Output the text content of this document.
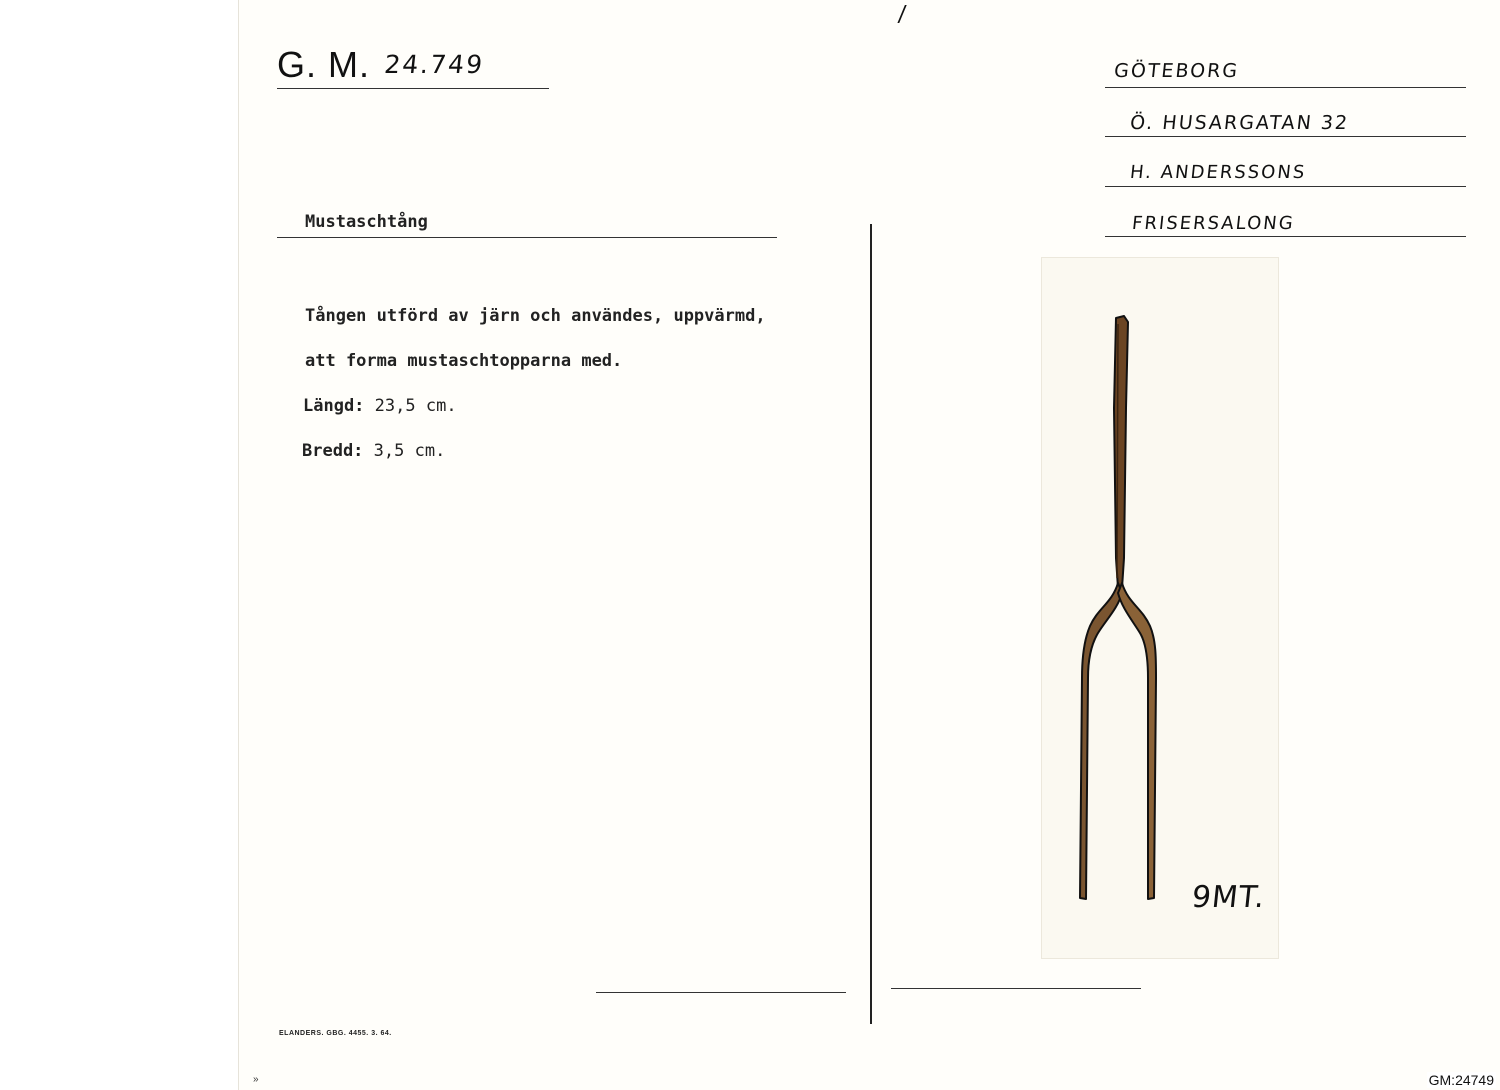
/
G. M. 24.749
Mustaschtång
Tången utförd av järn och användes, uppvärmd,
att forma mustaschtopparna med.
Längd: 23,5 cm.
Bredd: 3,5 cm.
GÖTEBORG
Ö. HUSARGATAN 32
H. ANDERSSONS
FRISERSALONG
ELANDERS. GBG. 4455. 3. 64.
»
9MT.
GM:24749
